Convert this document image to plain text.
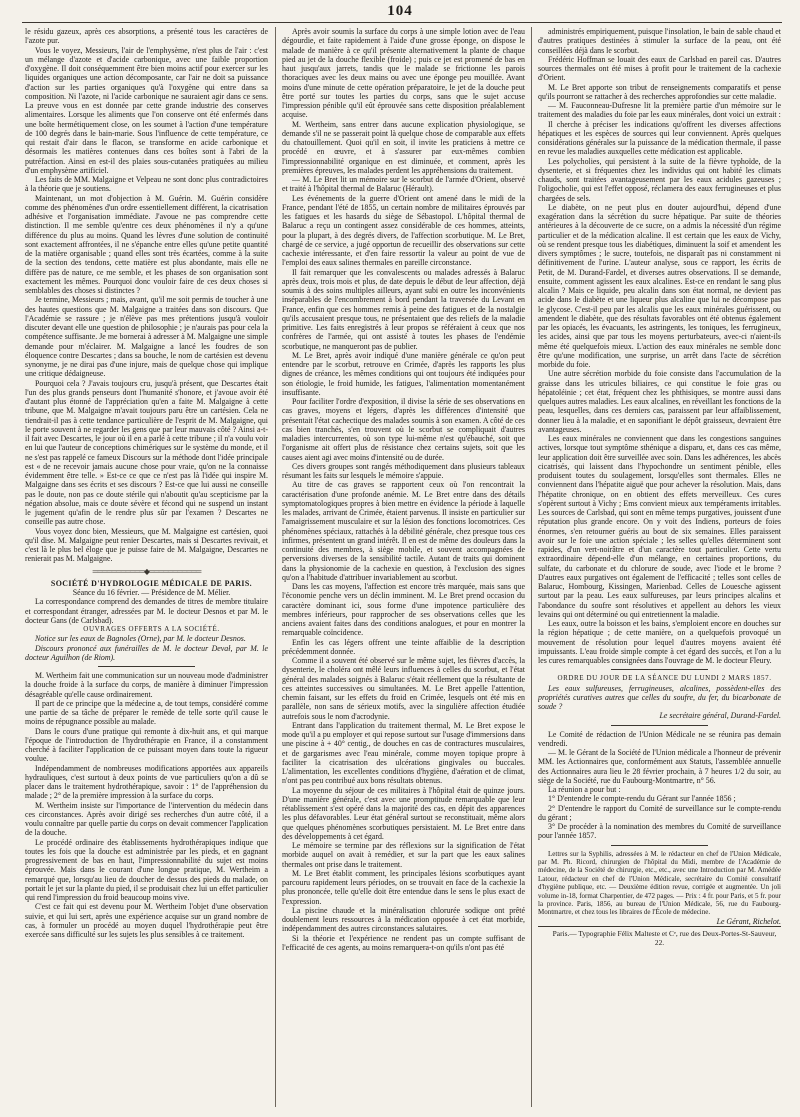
104

le résidu gazeux, après ces absorptions, a présenté tous les caractères de l'azote pur.

Vous le voyez, Messieurs, l'air de l'emphysème, n'est plus de l'air : c'est un mélange d'azote et d'acide carbonique, avec une faible proportion d'oxygène. Il doit conséquemment être bien moins actif pour exercer sur les liquides organiques une action décomposante, car l'air ne doit sa puissance d'action sur les parties organiques qu'à l'oxygène qui entre dans sa composition. Ni l'azote, ni l'acide carbonique ne sauraient agir dans ce sens. La preuve vous en est donnée par cette grande industrie des conserves alimentaires. Lorsque les aliments que l'on conserve ont été enfermés dans une boîte hermétiquement close, on les soumet à l'action d'une température de 100 degrés dans le bain-marie. Sous l'influence de cette température, ce qui restait d'air dans le flacon, se transforme en acide carbonique et désormais les matières contenues dans ces boîtes sont à l'abri de la putréfaction. Ainsi en est-il des plaies sous-cutanées pratiquées au milieu d'un emphysème artificiel.

Les faits de MM. Malgaigne et Velpeau ne sont donc plus contradictoires à la théorie que je soutiens.

Maintenant, un mot d'objection à M. Guérin. M. Guérin considère comme des phénomènes d'un ordre essentiellement différent, la cicatrisation adhésive et l'organisation immédiate. J'avoue ne pas comprendre cette distinction. Il me semble qu'entre ces deux phénomènes il n'y a qu'une différence du plus au moins. Quand les lèvres d'une solution de continuité sont exactement affrontées, il ne s'épanche entre elles qu'une petite quantité de la matière organisable ; quand elles sont très écartées, comme à la suite de la section des tendons, cette matière est plus abondante, mais elle ne diffère pas de nature, ce me semble, et les phases de son organisation sont exactement les mêmes. Pourquoi donc vouloir faire de ces deux choses si semblables des choses si distinctes ?

Je termine, Messieurs ; mais, avant, qu'il me soit permis de toucher à une des hautes questions que M. Malgaigne a traitées dans son discours. Que l'Académie se rassure ; je n'élève pas mes prétentions jusqu'à vouloir discuter devant elle une question de philosophie ; je n'aurais pas pour cela la compétence suffisante. Je me bornerai à adresser à M. Malgaigne une simple demande pour m'éclairer. M. Malgaigne a lancé les foudres de son éloquence contre Descartes ; dans sa bouche, le nom de cartésien est devenu synonyme, je ne dirai pas d'une injure, mais de quelque chose qui implique une critique dédaigneuse.

Pourquoi cela ? J'avais toujours cru, jusqu'à présent, que Descartes était l'un des plus grands penseurs dont l'humanité s'honore, et j'avoue avoir été d'autant plus étonné de l'appréciation qu'en a faite M. Malgaigne à cette tribune, que M. Malgaigne m'avait toujours paru être un cartésien. Cela ne tiendrait-il pas à cette tendance particulière de l'esprit de M. Malgaigne, qui le porte souvent à ne regarder les gens que par leur mauvais côté ? Ainsi a-t-il fait avec Descartes, le jour où il en a parlé à cette tribune ; il n'a voulu voir en lui que l'auteur de conceptions chimériques sur le système du monde, et il ne s'est pas rappelé ce fameux Discours sur la méthode dont l'idée principale est « de ne recevoir jamais aucune chose pour vraie, qu'on ne la connaisse évidemment être telle. » Est-ce ce que ce n'est pas là l'idée qui inspire M. Malgaigne dans ses écrits et ses discours ? Est-ce que lui aussi ne conseille pas le doute, non pas ce doute stérile qui n'aboutit qu'au scepticisme par la négation absolue, mais ce doute sévère et fécond qui ne suspend un instant le jugement qu'afin de le rendre plus sûr par l'examen ? Descartes ne conseille pas autre chose.

Vous voyez donc bien, Messieurs, que M. Malgaigne est cartésien, quoi qu'il dise. M. Malgaigne peut renier Descartes, mais si Descartes revivait, et c'est là le plus bel éloge que je puisse faire de M. Malgaigne, Descartes ne renierait pas M. Malgaigne.

═══════════◆═══════════

SOCIÉTÉ D'HYDROLOGIE MÉDICALE DE PARIS.

Séance du 16 février. — Présidence de M. Mélier.

La correspondance comprend des demandes de titres de membre titulaire et correspondant étranger, adressées par M. le docteur Desnos et par M. le docteur Gans (de Carlsbad).

OUVRAGES OFFERTS A LA SOCIÉTÉ.

Notice sur les eaux de Bagnoles (Orne), par M. le docteur Desnos.

Discours prononcé aux funérailles de M. le docteur Devał, par M. le docteur Aguilhon (de Riom).

M. Wertheim fait une communication sur un nouveau mode d'administrer la douche froide à la surface du corps, de manière à diminuer l'impression désagréable qu'elle cause ordinairement.

Il part de ce principe que la médecine a, de tout temps, considéré comme une partie de sa tâche de préparer le remède de telle sorte qu'il cause le moins de répugnance possible au malade.

Dans le cours d'une pratique qui remonte à dix-huit ans, et qui marque l'époque de l'introduction de l'hydrothérapie en France, il a constamment cherché à faciliter l'application de ce puissant moyen dans toute la rigueur voulue.

Indépendamment de nombreuses modifications apportées aux appareils hydrauliques, c'est surtout à deux points de vue particuliers qu'on a dû se placer dans le traitement hydrothérapique, savoir : 1° de l'appréhension du malade ; 2° de la première impression à la surface du corps.

M. Wertheim insiste sur l'importance de l'intervention du médecin dans ces circonstances. Après avoir dirigé ses recherches d'un autre côté, il a voulu connaître par quelle partie du corps on devait commencer l'application de la douche.

Le procédé ordinaire des établissements hydrothérapiques indique que toutes les fois que la douche est administrée par les pieds, et en gagnant progressivement de bas en haut, l'impressionnabilité du sujet est moins éprouvée. Mais dans le courant d'une longue pratique, M. Wertheim a remarqué que, lorsqu'au lieu de doucher de dessus des pieds du malade, on portait le jet sur la plante du pied, il se produisait chez lui un effet particulier qui rend l'impression du froid beaucoup moins vive.

C'est ce fait qui est devenu pour M. Wertheim l'objet d'une observation suivie, et qui lui sert, après une expérience acquise sur un grand nombre de cas, à formuler un procédé au moyen duquel l'hydrothérapie peut être exercée sans difficulté sur les sujets les plus sensibles à ce traitement.

Après avoir soumis la surface du corps à une simple lotion avec de l'eau dégourdie, et faite rapidement à l'aide d'une grosse éponge, on dispose le malade de manière à ce qu'il présente alternativement la plante de chaque pied au jet de la douche flexible (froide) ; puis ce jet est promené de bas en haut jusqu'aux jarrets, tandis que le malade se frictionne les parois thoraciques avec les deux mains ou avec une éponge peu mouillée. Avant moins d'une minute de cette opération préparatoire, le jet de la douche peut être porté sur toutes les parties du corps, sans que le sujet accuse l'impression pénible qu'il eût éprouvée sans cette disposition préalablement acquise.

M. Wertheim, sans entrer dans aucune explication physiologique, se demande s'il ne se passerait point là quelque chose de comparable aux effets du chatouillement. Quoi qu'il en soit, il invite les praticiens à mettre ce procédé en œuvre, et à s'assurer par eux-mêmes combien l'impressionnabilité organique en est diminuée, et comment, après les premières épreuves, les malades perdent les appréhensions du traitement.

— M. Le Bret lit un mémoire sur le scorbut de l'armée d'Orient, observé et traité à l'hôpital thermal de Balaruc (Hérault).

Les événements de la guerre d'Orient ont amené dans le midi de la France, pendant l'été de 1855, un certain nombre de militaires éprouvés par les fatigues et les hasards du siège de Sébastopol. L'hôpital thermal de Balaruc a reçu un contingent assez considérable de ces hommes, atteints, pour la plupart, à des degrés divers, de l'affection scorbutique. M. Le Bret, chargé de ce service, a jugé opportun de recueillir des observations sur cette cachexie intéressante, et d'en faire ressortir la valeur au point de vue de l'emploi des eaux salines thermales en pareille circonstance.

Il fait remarquer que les convalescents ou malades adressés à Balaruc après deux, trois mois et plus, de date depuis le début de leur affection, déjà soumis à des soins multiples ailleurs, ayant subi en outre les inconvénients inséparables de l'encombrement à bord pendant la traversée du Levant en France, enfin que ces hommes remis à peine des fatigues et de la nostalgie qu'ils accusaient presque tous, ne présentaient que des reliefs de la maladie primitive. Les faits enregistrés à leur propos se référaient à ceux que nos confrères de l'armée, qui ont assisté à toutes les phases de l'endémie scorbutique, ne manqueront pas de publier.

M. Le Bret, après avoir indiqué d'une manière générale ce qu'on peut entendre par le scorbut, retrouve en Crimée, d'après les rapports les plus dignes de créance, les mêmes conditions qui ont toujours été indiquées pour son étiologie, le froid humide, les fatigues, l'alimentation momentanément insuffisante.

Pour faciliter l'ordre d'exposition, il divise la série de ses observations en cas graves, moyens et légers, d'après les différences d'intensité que présentait l'état cachectique des malades soumis à son examen. A côté de ces cas bien tranchés, s'en trouvent où le scorbut se compliquait d'autres maladies intercurrentes, où son type lui-même n'est qu'ébauché, soit que l'organisme ait offert plus de résistance chez certains sujets, soit que les causes aient agi avec moins d'intensité ou de durée.

Ces divers groupes sont rangés méthodiquement dans plusieurs tableaux résumant les faits sur lesquels le mémoire s'appuie.

Au titre de cas graves se rapportent ceux où l'on rencontrait la caractérisation d'une profonde anémie. M. Le Bret entre dans des détails symptomatologiques propres à bien mettre en évidence la période à laquelle les malades, arrivant de Crimée, étaient parvenus. Il insiste en particulier sur l'amaigrissement musculaire et sur la lésion des fonctions locomotrices. Ces phénomènes spéciaux, rattachés à la débilité générale, chez presque tous ces infirmes, présentent un grand intérêt. Il en est de même des douleurs dans la continuité des membres, à siège mobile, et souvent accompagnées de perversions diverses de la sensibilité tactile. Autant de traits qui dominent dans la physionomie de la cachexie en question, à l'exclusion des signes qu'on a l'habitude d'attribuer invariablement au scorbut.

Dans les cas moyens, l'affection est encore très marquée, mais sans que l'économie penche vers un déclin imminent. M. Le Bret prend occasion du caractère dominant ici, sous forme d'une impotence particulière des membres inférieurs, pour rapprocher de ses observations celles que les anciens avaient faites dans des conditions analogues, et pour en montrer la remarquable coïncidence.

Enfin les cas légers offrent une teinte affaiblie de la description précédemment donnée.

Comme il a souvent été observé sur le même sujet, les fièvres d'accès, la dysenterie, le choléra ont mêlé leurs influences à celles du scorbut, et l'état général des malades soignés à Balaruc s'était réellement que la résultante de ces atteintes successives ou simultanées. M. Le Bret appelle l'attention, chemin faisant, sur les effets du froid en Crimée, lesquels ont été mis en parallèle, non sans de sérieux motifs, avec la singulière affection étudiée autrefois sous le nom d'acrodynie.

Entrant dans l'application du traitement thermal, M. Le Bret expose le mode qu'il a pu employer et qui repose surtout sur l'usage d'immersions dans une piscine à + 40° centig., de douches en cas de contractures musculaires, et de gargarismes avec l'eau minérale, comme moyen topique propre à faciliter la cicatrisation des ulcérations gingivales ou buccales. L'alimentation, les excellentes conditions d'hygiène, d'aération et de climat, n'ont pas peu contribué aux bons résultats obtenus.

La moyenne du séjour de ces militaires à l'hôpital était de quinze jours. D'une manière générale, c'est avec une promptitude remarquable que leur rétablissement s'est opéré dans la majorité des cas, en dépit des apparences les plus défavorables. Leur état général surtout se reconstituait, même alors que quelques phénomènes scorbutiques persistaient. M. Le Bret entre dans des développements à cet égard.

Le mémoire se termine par des réflexions sur la signification de l'état morbide auquel on avait à remédier, et sur la part que les eaux salines thermales ont prise dans le traitement.

M. Le Bret établit comment, les principales lésions scorbutiques ayant parcouru rapidement leurs périodes, on se trouvait en face de la cachexie la plus prononcée, telle qu'elle doit être entendue dans le sens le plus exact de l'expression.

La piscine chaude et la minéralisation chlorurée sodique ont prêté doublement leurs ressources à la médication opposée à cet état morbide, indépendamment des autres circonstances salutaires.

Si la théorie et l'expérience ne rendent pas un compte suffisant de l'efficacité de ces agents, au moins remarquera-t-on qu'ils n'ont pas été

administrés empiriquement, puisque l'insolation, le bain de sable chaud et d'autres pratiques destinées à stimuler la surface de la peau, ont été conseillées déjà dans le scorbut.

Frédéric Hoffman se louait des eaux de Carlsbad en pareil cas. D'autres sources thermales ont été mises à profit pour le traitement de la cachexie d'Orient.

M. Le Bret apporte son tribut de renseignements comparatifs et pense qu'ils pourront se rattacher à des recherches approfondies sur cette maladie.

— M. Fauconneau-Dufresne lit la première partie d'un mémoire sur le traitement des maladies du foie par les eaux minérales, dont voici un extrait :

Il cherche à préciser les indications qu'offrent les diverses affections hépatiques et les espèces de sources qui leur conviennent. Après quelques considérations générales sur la puissance de la médication thermale, il passe en revue les maladies auxquelles cette médication est applicable.

Les polycholies, qui persistent à la suite de la fièvre typhoïde, de la dysenterie, et si fréquentes chez les individus qui ont habité les climats chauds, sont traitées avantageusement par les eaux acidules gazeuses ; l'oligocholie, qui est l'effet opposé, réclamera des eaux ferrugineuses et plus chargées de sels.

Le diabète, on ne peut plus en douter aujourd'hui, dépend d'une exagération dans la sécrétion du sucre hépatique. Par suite de théories antérieures à la découverte de ce sucre, on a admis la nécessité d'un régime particulier et de la médication alcaline. Il est certain que les eaux de Vichy, où se rendent presque tous les diabétiques, diminuent la soif et amendent les divers symptômes ; le sucre, toutefois, ne disparaît pas ni constamment ni définitivement de l'urine. L'auteur analyse, sous ce rapport, les écrits de Petit, de M. Durand-Fardel, et diverses autres observations. Il se demande, ensuite, comment agissent les eaux alcalines. Est-ce en rendant le sang plus alcalin ? Mais ce liquide, peu alcalin dans son état normal, ne devient pas acide dans le diabète et une liqueur plus alcaline que lui ne décompose pas le glycose. C'est-il peu par les alcalis que les eaux minérales guérissent, ou amendent le diabète, que des résultats favorables ont été obtenus également par les opiacés, les évacuants, les astringents, les toniques, les ferrugineux, les acides, ainsi que par tous les moyens perturbateurs, avec-ci n'aient-ils même été quelquefois mieux. L'action des eaux minérales ne semble donc être qu'une modification, une surprise, un arrêt dans l'acte de sécrétion morbide du foie.

Une autre sécrétion morbide du foie consiste dans l'accumulation de la graisse dans les utricules biliaires, ce qui constitue le foie gras ou hépatoléinie ; cet état, fréquent chez les phthisiques, se montre aussi dans quelques autres maladies. Les eaux alcalines, en réveillant les fonctions de la peau, lesquelles, dans ces derniers cas, paraissent par leur affaiblissement, donner lieu à la maladie, et en saponifiant le dépôt graisseux, devraient être avantageuses.

Les eaux minérales ne conviennent que dans les congestions sanguines actives, lorsque tout symptôme sthénique a disparu, et, dans ces cas même, leur application doit être surveillée avec soin. Dans les adhérences, les abcès cicatrisés, qui laissent dans l'hypochondre un sentiment pénible, elles produisent toutes du soulagement, lorsqu'elles sont thermales. Elles ne conviennent dans l'hépatite aiguë que pour achever la résolution. Mais, dans l'hépatite chronique, on en obtient des effets merveilleux. Ces cures s'opèrent surtout à Vichy ; Ems convient mieux aux tempéraments irritables. Les sources de Carlsbad, qui sont en même temps purgatives, jouissent d'une réputation plus grande encore. On y voit des Indiens, porteurs de foies énormes, s'en retourner guéris au bout de six semaines. Elles paraissent avoir sur le foie une action spéciale ; les selles qu'elles déterminent sont rapides, d'un vert-noirâtre et d'un caractère tout particulier. Cette vertu extraordinaire dépend-elle d'un mélange, en certaines proportions, du sulfate, du carbonate et du chlorure de soude, avec l'iode et le brome ? D'autres eaux purgatives ont également de l'efficacité ; telles sont celles de Balaruc, Hombourg, Kissingen, Marienbad. Celles de Louesche agissent surtout par la peau. Les eaux sulfureuses, par leurs principes alcalins et l'abondance du soufre sont résolutives et appellent au dehors les vieux levains qui ont déterminé ou qui entretiennent la maladie.

Les eaux, outre la boisson et les bains, s'emploient encore en douches sur la région hépatique ; de cette manière, on a quelquefois provoqué un mouvement de résolution pour lequel d'autres moyens avaient été impuissants. L'eau froide simple compte à cet égard des succès, et l'on a lu les cures remarquables consignées dans l'ouvrage de M. le docteur Fleury.

ORDRE DU JOUR DE LA SÉANCE DU LUNDI 2 MARS 1857.

Les eaux sulfureuses, ferrugineuses, alcalines, possèdent-elles des propriétés curatives autres que celles du soufre, du fer, du bicarbonate de soude ?

Le secrétaire général, Durand-Fardel.

Le Comité de rédaction de l'Union Médicale ne se réunira pas demain vendredi.

— M. le Gérant de la Société de l'Union médicale a l'honneur de prévenir MM. les Actionnaires que, conformément aux Statuts, l'assemblée annuelle des Actionnaires aura lieu le 28 février prochain, à 7 heures 1/2 du soir, au siège de la Société, rue du Faubourg-Montmartre, n° 56.

La réunion a pour but :

1° D'entendre le compte-rendu du Gérant sur l'année 1856 ;

2° D'entendre le rapport du Comité de surveillance sur le compte-rendu du gérant ;

3° De procéder à la nomination des membres du Comité de surveillance pour l'année 1857.

Lettres sur la Syphilis, adressées à M. le rédacteur en chef de l'Union Médicale, par M. Ph. Ricord, chirurgien de l'hôpital du Midi, membre de l'Académie de médecine, de la Société de chirurgie, etc., etc., avec une Introduction par M. Amédée Latour, rédacteur en chef de l'Union Médicale, secrétaire du Comité consultatif d'hygiène publique, etc. — Deuxième édition revue, corrigée et augmentée. Un joli volume in-18, format Charpentier, de 472 pages. — Prix : 4 fr. pour Paris, et 5 fr. pour la province. Paris, 1856, au bureau de l'Union Médicale, 56, rue du Faubourg-Montmartre, et chez tous les libraires de l'École de médecine.

Le Gérant, Richelot.

Paris.— Typographie Félix Malteste et Cᵉ, rue des Deux-Portes-St-Sauveur, 22.
